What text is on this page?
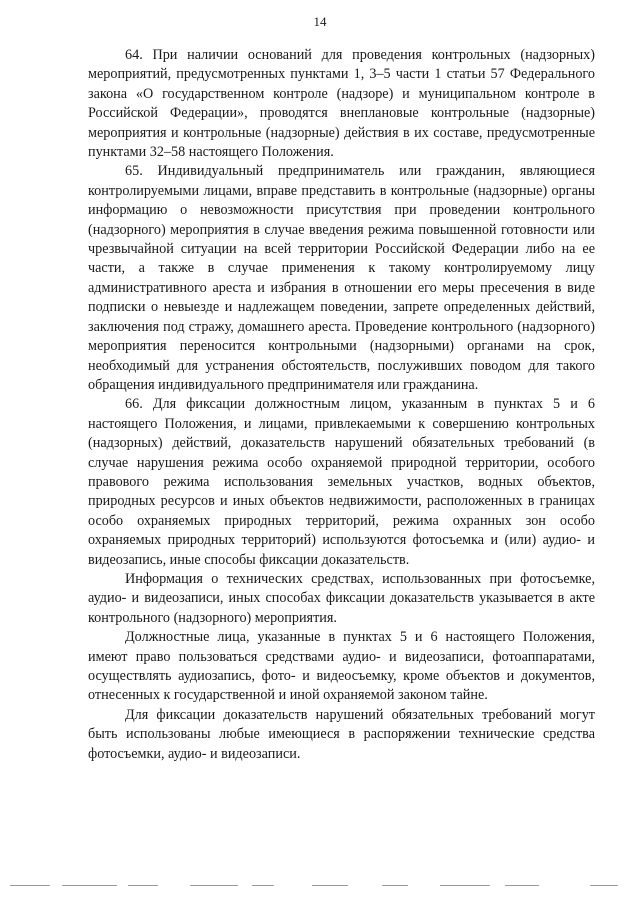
14

64. При наличии оснований для проведения контрольных (надзорных) мероприятий, предусмотренных пунктами 1, 3–5 части 1 статьи 57 Федерального закона «О государственном контроле (надзоре) и муниципальном контроле в Российской Федерации», проводятся внеплановые контрольные (надзорные) мероприятия и контрольные (надзорные) действия в их составе, предусмотренные пунктами 32–58 настоящего Положения.

65. Индивидуальный предприниматель или гражданин, являющиеся контролируемыми лицами, вправе представить в контрольные (надзорные) органы информацию о невозможности присутствия при проведении контрольного (надзорного) мероприятия в случае введения режима повышенной готовности или чрезвычайной ситуации на всей территории Российской Федерации либо на ее части, а также в случае применения к такому контролируемому лицу административного ареста и избрания в отношении его меры пресечения в виде подписки о невыезде и надлежащем поведении, запрете определенных действий, заключения под стражу, домашнего ареста. Проведение контрольного (надзорного) мероприятия переносится контрольными (надзорными) органами на срок, необходимый для устранения обстоятельств, послуживших поводом для такого обращения индивидуального предпринимателя или гражданина.

66. Для фиксации должностным лицом, указанным в пунктах 5 и 6 настоящего Положения, и лицами, привлекаемыми к совершению контрольных (надзорных) действий, доказательств нарушений обязательных требований (в случае нарушения режима особо охраняемой природной территории, особого правового режима использования земельных участков, водных объектов, природных ресурсов и иных объектов недвижимости, расположенных в границах особо охраняемых природных территорий, режима охранных зон особо охраняемых природных территорий) используются фотосъемка и (или) аудио- и видеозапись, иные способы фиксации доказательств.

Информация о технических средствах, использованных при фотосъемке, аудио- и видеозаписи, иных способах фиксации доказательств указывается в акте контрольного (надзорного) мероприятия.

Должностные лица, указанные в пунктах 5 и 6 настоящего Положения, имеют право пользоваться средствами аудио- и видеозаписи, фотоаппаратами, осуществлять аудиозапись, фото- и видеосъемку, кроме объектов и документов, отнесенных к государственной и иной охраняемой законом тайне.

Для фиксации доказательств нарушений обязательных требований могут быть использованы любые имеющиеся в распоряжении технические средства фотосъемки, аудио- и видеозаписи.
